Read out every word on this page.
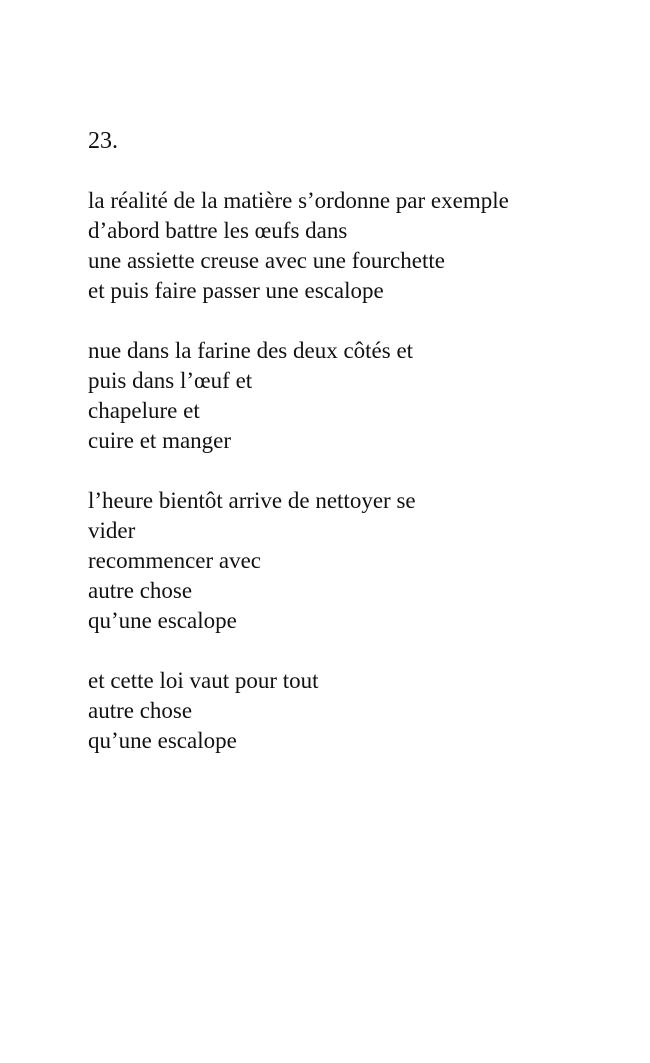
23.
la réalité de la matière s’ordonne par exemple
d’abord battre les œufs dans
une assiette creuse avec une fourchette
et puis faire passer une escalope
nue dans la farine des deux côtés et
puis dans l’œuf et
chapelure et
cuire et manger
l’heure bientôt arrive de nettoyer se
vider
recommencer avec
autre chose
qu’une escalope
et cette loi vaut pour tout
autre chose
qu’une escalope
